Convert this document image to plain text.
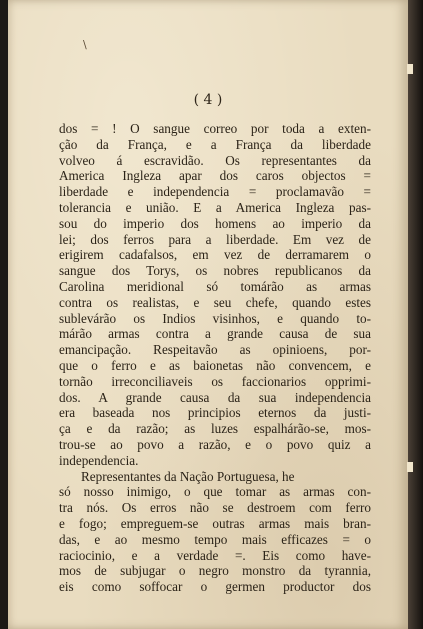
\
( 4 )
dos = ! O sangue correo por toda a exten-
ção da França, e a França da liberdade
volveo á escravidão. Os representantes da
America Ingleza apar dos caros objectos =
liberdade e independencia = proclamavão =
tolerancia e união. E a America Ingleza pas-
sou do imperio dos homens ao imperio da
lei; dos ferros para a liberdade. Em vez de
erigirem cadafalsos, em vez de derramarem o
sangue dos Torys, os nobres republicanos da
Carolina meridional só tomárão as armas
contra os realistas, e seu chefe, quando estes
sublevárão os Indios visinhos, e quando to-
márão armas contra a grande causa de sua
emancipação. Respeitavão as opinioens, por-
que o ferro e as baionetas não convencem, e
tornão irreconciliaveis os faccionarios opprimi-
dos. A grande causa da sua independencia
era baseada nos principios eternos da justi-
ça e da razão; as luzes espalhárão-se, mos-
trou-se ao povo a razão, e o povo quiz a
independencia.
Representantes da Nação Portuguesa, he
só nosso inimigo, o que tomar as armas con-
tra nós. Os erros não se destroem com ferro
e fogo; empreguem-se outras armas mais bran-
das, e ao mesmo tempo mais efficazes = o
raciocinio, e a verdade =. Eis como have-
mos de subjugar o negro monstro da tyrannia,
eis como soffocar o germen productor dos
